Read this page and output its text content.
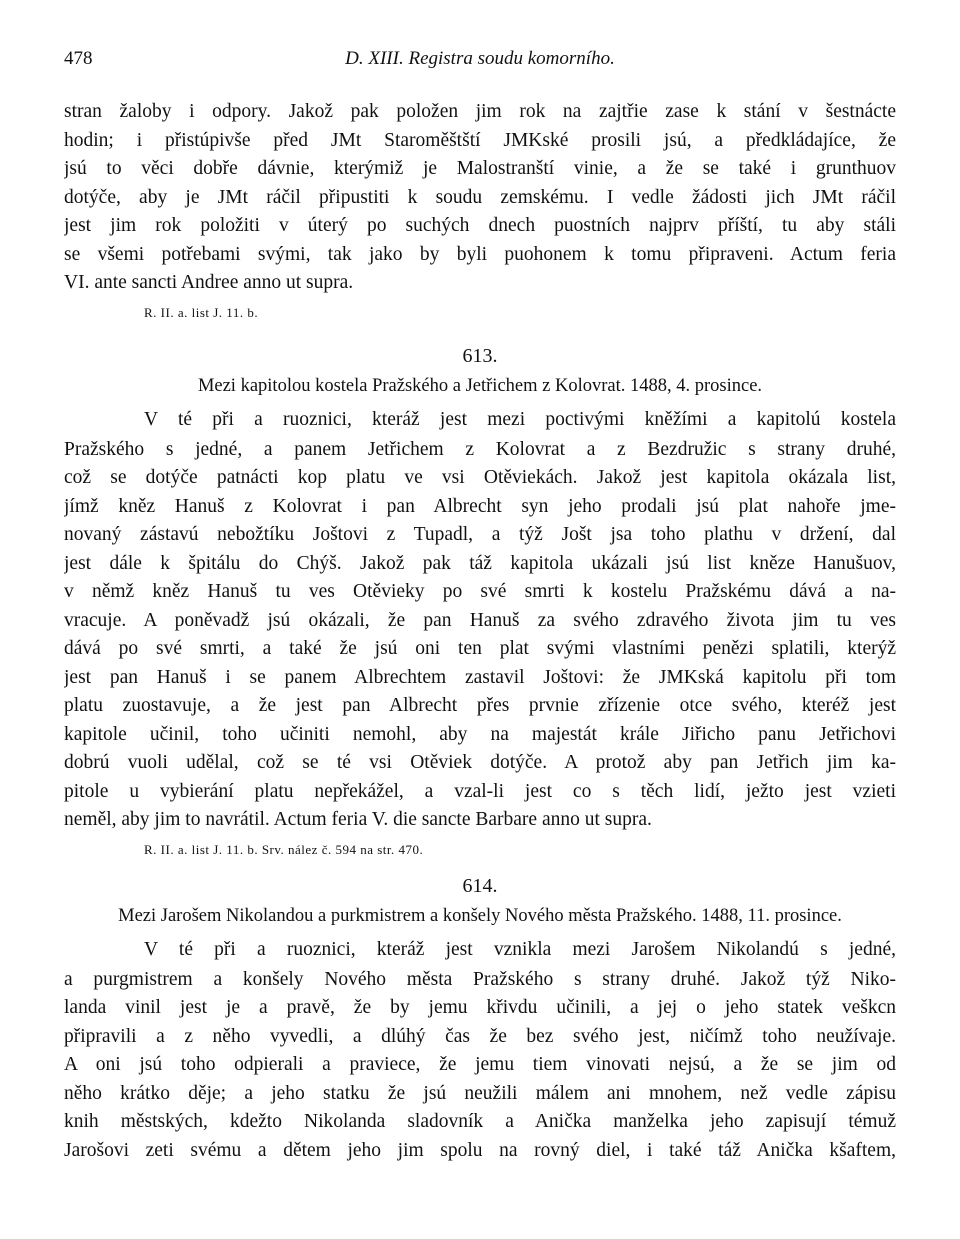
478	D. XIII. Registra soudu komorního.
stran žaloby i odpory. Jakož pak položen jim rok na zajtřie zase k stání v šestnácte
hodin; i přistúpivše před JMt Staroměštští JMKské prosili jsú, a předkládajíce, že
jsú to věci dobře dávnie, kterýmiž je Malostranští vinie, a že se také i grunthuov
dotýče, aby je JMt ráčil připustiti k soudu zemskému. I vedle žádosti jich JMt ráčil
jest jim rok položiti v úterý po suchých dnech puostních najprv příští, tu aby stáli
se všemi potřebami svými, tak jako by byli puohonem k tomu připraveni. Actum feria
VI. ante sancti Andree anno ut supra.
R. II. a. list J. 11. b.
613.
Mezi kapitolou kostela Pražského a Jetřichem z Kolovrat. 1488, 4. prosince.
V té při a ruoznici, kteráž jest mezi poctivými kněžími a kapitolú kostela
Pražského s jedné, a panem Jetřichem z Kolovrat a z Bezdružic s strany druhé,
což se dotýče patnácti kop platu ve vsi Otěviekách. Jakož jest kapitola okázala list,
jímž kněz Hanuš z Kolovrat i pan Albrecht syn jeho prodali jsú plat nahoře jme-
novaný zástavú nebožtíku Joštovi z Tupadl, a týž Jošt jsa toho plathu v držení, dal
jest dále k špitálu do Chýš. Jakož pak táž kapitola ukázali jsú list kněze Hanušuov,
v němž kněz Hanuš tu ves Otěvieky po své smrti k kostelu Pražskému dává a na-
vracuje. A poněvadž jsú okázali, že pan Hanuš za svého zdravého života jim tu ves
dává po své smrti, a také že jsú oni ten plat svými vlastními penězi splatili, kterýž
jest pan Hanuš i se panem Albrechtem zastavil Joštovi: že JMKská kapitolu při tom
platu zuostavuje, a že jest pan Albrecht přes prvnie zřízenie otce svého, kteréž jest
kapitole učinil, toho učiniti nemohl, aby na majestát krále Jiřicho panu Jetřichovi
dobrú vuoli udělal, což se té vsi Otěviek dotýče. A protož aby pan Jetřich jim ka-
pitole u vybierání platu nepřekážel, a vzal-li jest co s těch lidí, ježto jest vzieti
neměl, aby jim to navrátil. Actum feria V. die sancte Barbare anno ut supra.
R. II. a. list J. 11. b. Srv. nález č. 594 na str. 470.
614.
Mezi Jarošem Nikolandou a purkmistrem a konšely Nového města Pražského. 1488, 11. prosince.
V té při a ruoznici, kteráž jest vznikla mezi Jarošem Nikolandú s jedné,
a purgmistrem a konšely Nového města Pražského s strany druhé. Jakož týž Niko-
landa vinil jest je a pravě, že by jemu křivdu učinili, a jej o jeho statek veškcn
připravili a z něho vyvedli, a dlúhý čas že bez svého jest, ničímž toho neužívaje.
A oni jsú toho odpierali a praviece, že jemu tiem vinovati nejsú, a že se jim od
něho krátko děje; a jeho statku že jsú neužili málem ani mnohem, než vedle zápisu
knih městských, kdežto Nikolanda sladovník a Anička manželka jeho zapisují témuž
Jarošovi zeti svému a dětem jeho jim spolu na rovný diel, i také táž Anička kšaftem,
